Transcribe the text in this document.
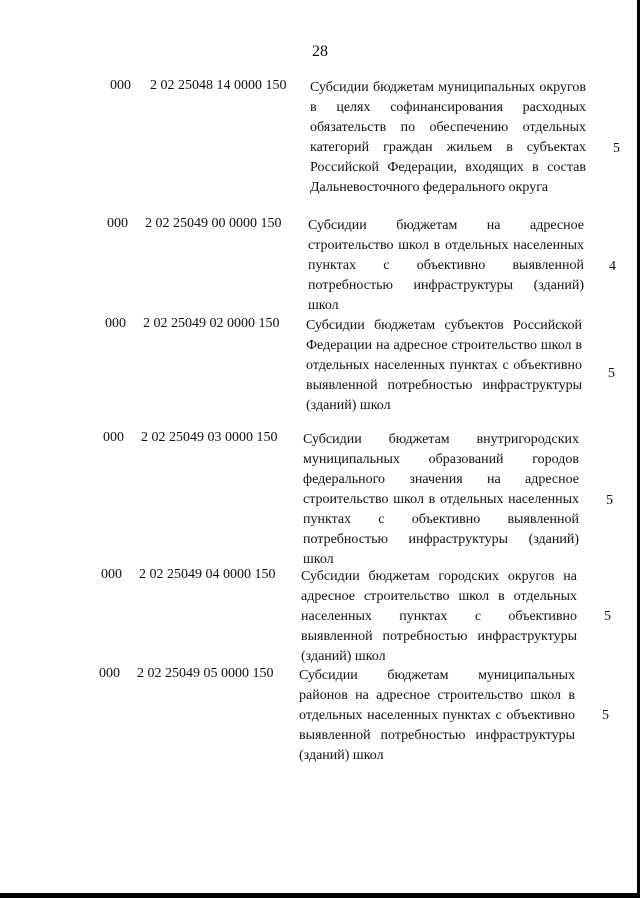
28
000	2 02 25048 14 0000 150 Субсидии бюджетам муниципальных округов в целях софинансирования расходных обязательств по обеспечению отдельных категорий граждан жильем в субъектах Российской Федерации, входящих в состав Дальневосточного федерального округа
5
000	2 02 25049 00 0000 150 Субсидии бюджетам на адресное строительство школ в отдельных населенных пунктах с объективно выявленной потребностью инфраструктуры (зданий) школ
4
000	2 02 25049 02 0000 150 Субсидии бюджетам субъектов Российской Федерации на адресное строительство школ в отдельных населенных пунктах с объективно выявленной потребностью инфраструктуры (зданий) школ
5
000	2 02 25049 03 0000 150 Субсидии бюджетам внутригородских муниципальных образований городов федерального значения на адресное строительство школ в отдельных населенных пунктах с объективно выявленной потребностью инфраструктуры (зданий) школ
5
000	2 02 25049 04 0000 150 Субсидии бюджетам городских округов на адресное строительство школ в отдельных населенных пунктах с объективно выявленной потребностью инфраструктуры (зданий) школ
5
000	2 02 25049 05 0000 150 Субсидии бюджетам муниципальных районов на адресное строительство школ в отдельных населенных пунктах с объективно выявленной потребностью инфраструктуры (зданий) школ
5
